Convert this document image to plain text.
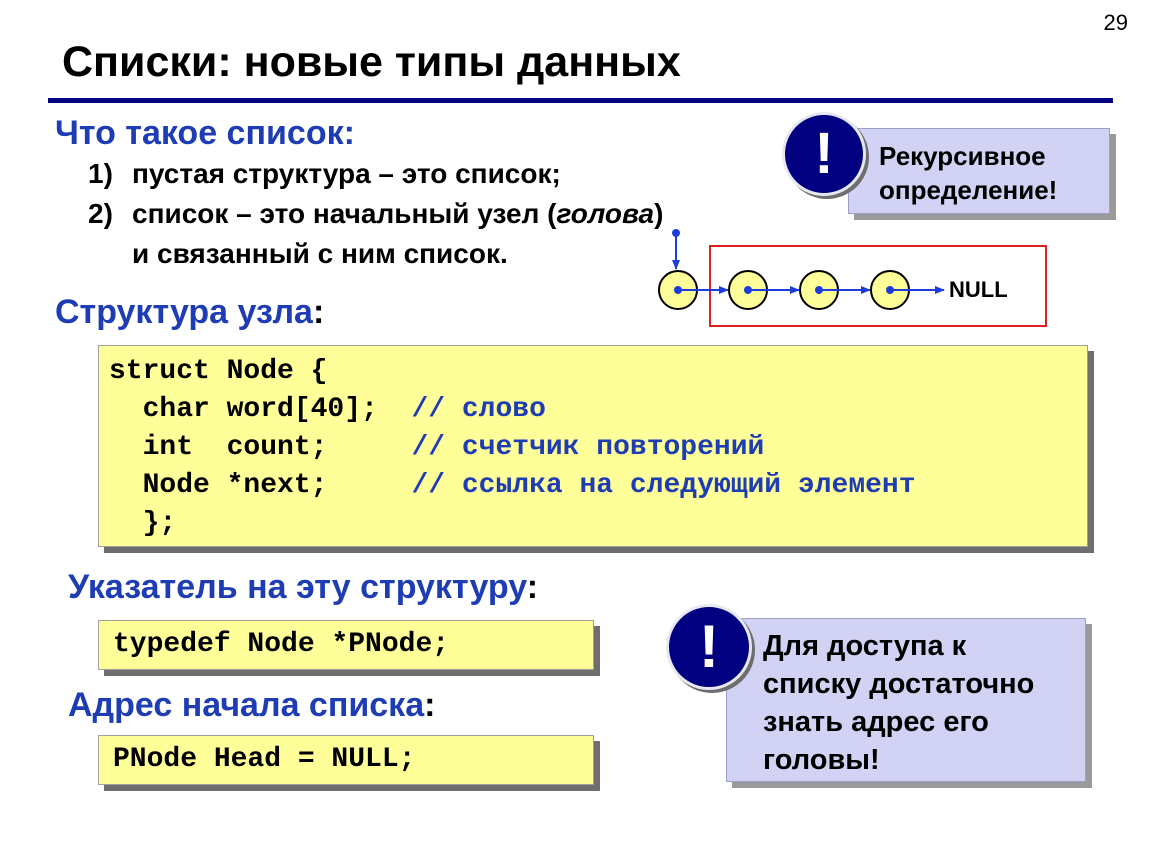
29
Списки: новые типы данных
Что такое список:
1) пустая структура – это список;
2) список – это начальный узел (голова)
и связанный с ним список.
Рекурсивное
определение!
!
NULL
Структура узла:
struct Node {
char word[40];  // слово
int  count;     // счетчик повторений
Node *next;     // ссылка на следующий элемент
};
Указатель на эту структуру:
typedef Node *PNode;
Адрес начала списка:
PNode Head = NULL;
Для доступа к
списку достаточно
знать адрес его
головы!
!
